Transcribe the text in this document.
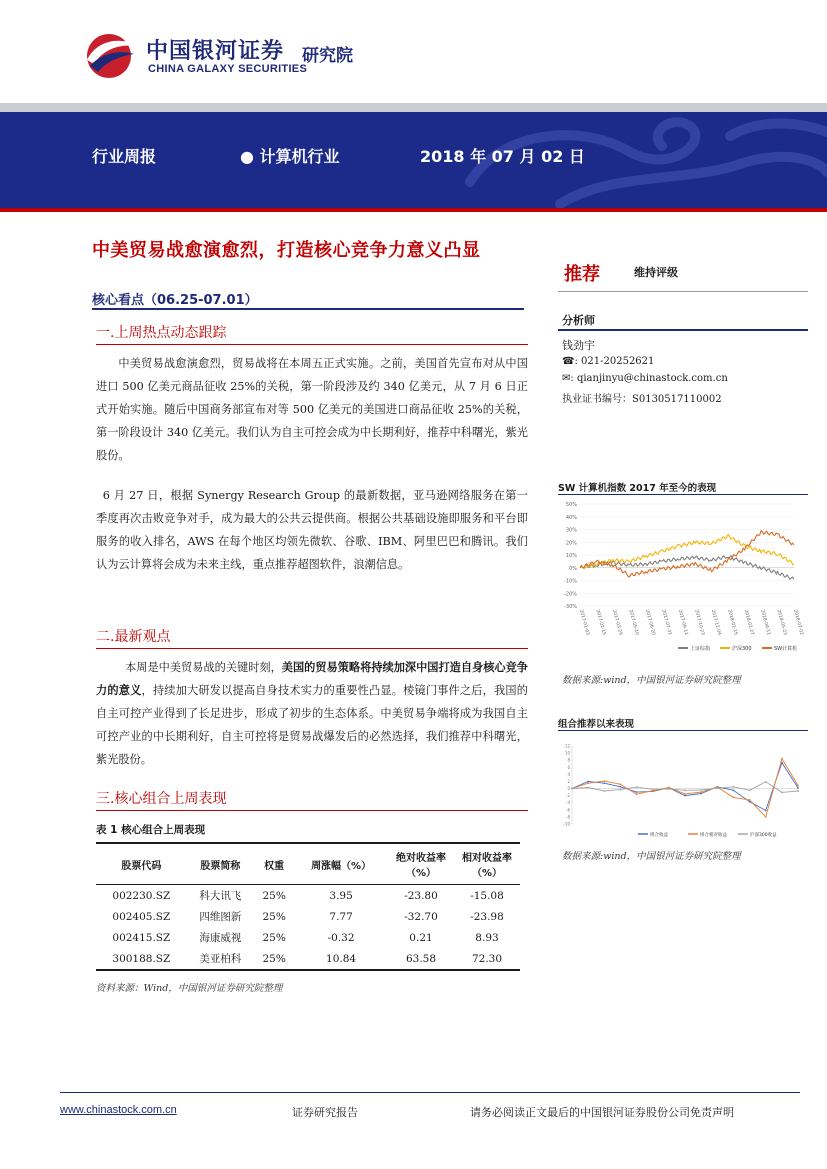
中国银河证券
CHINA GALAXY SECURITIES
研究院
行业周报	● 计算机行业	2018 年 07 月 02 日
中美贸易战愈演愈烈，打造核心竞争力意义凸显
核心看点（06.25-07.01）
一.上周热点动态跟踪
中美贸易战愈演愈烈，贸易战将在本周五正式实施。之前，美国首先宣布对从中国进口 500 亿美元商品征收 25%的关税，第一阶段涉及约 340 亿美元，从 7 月 6 日正式开始实施。随后中国商务部宣布对等 500 亿美元的美国进口商品征收 25%的关税，第一阶段设计 340 亿美元。我们认为自主可控会成为中长期利好，推荐中科曙光，紫光股份。
6 月 27 日，根据 Synergy Research Group 的最新数据，亚马逊网络服务在第一季度再次击败竞争对手，成为最大的公共云提供商。根据公共基础设施即服务和平台即服务的收入排名，AWS 在每个地区均领先微软、谷歌、IBM、阿里巴巴和腾讯。我们认为云计算将会成为未来主线，重点推荐超图软件，浪潮信息。
二.最新观点
本周是中美贸易战的关键时刻，美国的贸易策略将持续加深中国打造自身核心竞争力的意义，持续加大研发以提高自身技术实力的重要性凸显。棱镜门事件之后，我国的自主可控产业得到了长足进步，形成了初步的生态体系。中美贸易争端将成为我国自主可控产业的中长期利好，自主可控将是贸易战爆发后的必然选择，我们推荐中科曙光，紫光股份。
三.核心组合上周表现
表 1 核心组合上周表现
股票代码	股票简称	权重	周涨幅（%）	绝对收益率（%）	相对收益率（%）
002230.SZ	科大讯飞	25%	3.95	-23.80	-15.08
002405.SZ	四维图新	25%	7.77	-32.70	-23.98
002415.SZ	海康威视	25%	-0.32	0.21	8.93
300188.SZ	美亚柏科	25%	10.84	63.58	72.30
资料来源：Wind，中国银河证券研究院整理
推荐	维持评级
分析师
钱劲宇
☎: 021-20252621
✉: qianjinyu@chinastock.com.cn
执业证书编号：S0130517110002
SW 计算机指数 2017 年至今的表现
50%
40%
30%
20%
10%
0%
-10%
-20%
-30%
2017-01-03 2017-02-15 2017-03-29 2017-05-10 2017-06-20 2017-07-31 2017-09-11 2017-10-23 2017-12-04 2018-01-15 2018-02-27 2018-04-11 2018-05-23 2018-07-02
上证综指	沪深300	SW计算机
数据来源:wind，中国银河证券研究院整理
组合推荐以来表现
12
10
8
6
4
2
0
-2
-4
-6
-8
-10
组合收益	组合相对收益	沪深300收益
数据来源:wind，中国银河证券研究院整理
www.chinastock.com.cn	证券研究报告	请务必阅读正文最后的中国银河证券股份公司免责声明
